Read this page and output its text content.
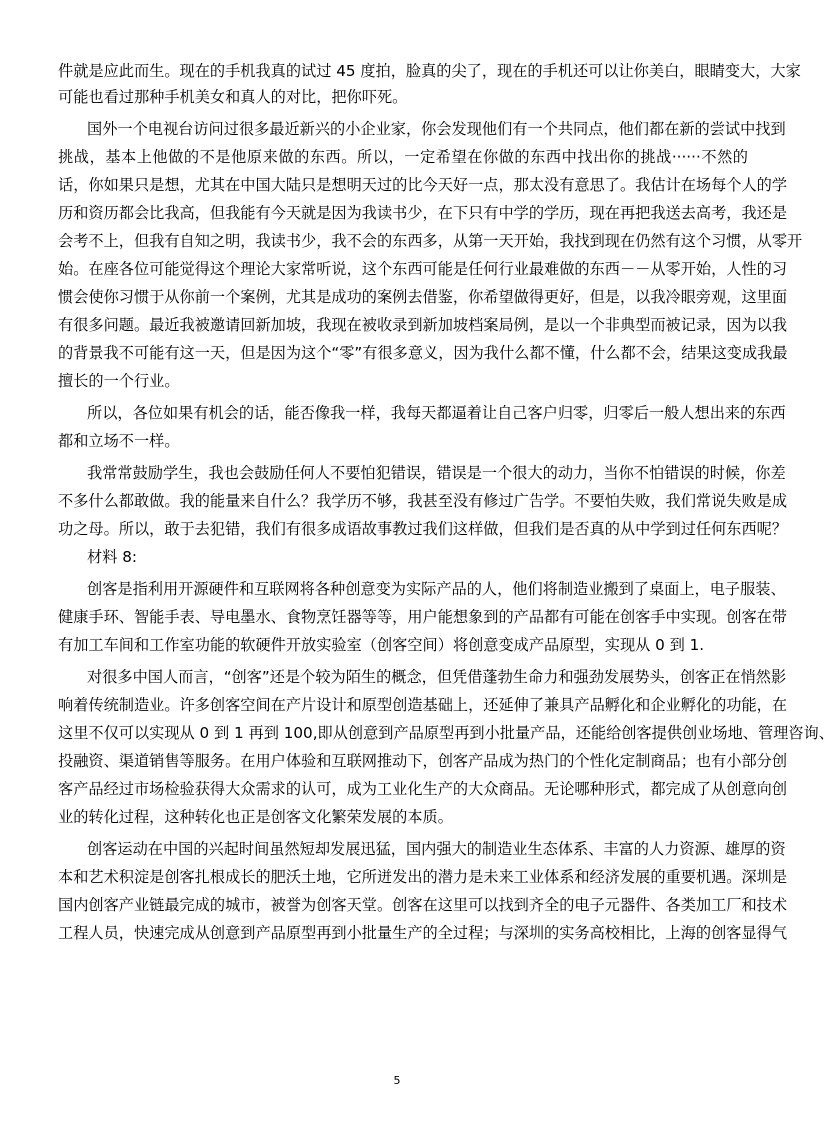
件就是应此而生。现在的手机我真的试过 45 度拍，脸真的尖了，现在的手机还可以让你美白，眼睛变大，大家
可能也看过那种手机美女和真人的对比，把你吓死。
国外一个电视台访问过很多最近新兴的小企业家，你会发现他们有一个共同点，他们都在新的尝试中找到
挑战，基本上他做的不是他原来做的东西。所以，一定希望在你做的东西中找出你的挑战······不然的
话，你如果只是想，尤其在中国大陆只是想明天过的比今天好一点，那太没有意思了。我估计在场每个人的学
历和资历都会比我高，但我能有今天就是因为我读书少，在下只有中学的学历，现在再把我送去高考，我还是
会考不上，但我有自知之明，我读书少，我不会的东西多，从第一天开始，我找到现在仍然有这个习惯，从零开
始。在座各位可能觉得这个理论大家常听说，这个东西可能是任何行业最难做的东西－－从零开始，人性的习
惯会使你习惯于从你前一个案例，尤其是成功的案例去借鉴，你希望做得更好，但是，以我冷眼旁观，这里面
有很多问题。最近我被邀请回新加坡，我现在被收录到新加坡档案局例，是以一个非典型而被记录，因为以我
的背景我不可能有这一天，但是因为这个“零”有很多意义，因为我什么都不懂，什么都不会，结果这变成我最
擅长的一个行业。
所以，各位如果有机会的话，能否像我一样，我每天都逼着让自己客户归零，归零后一般人想出来的东西
都和立场不一样。
我常常鼓励学生，我也会鼓励任何人不要怕犯错误，错误是一个很大的动力，当你不怕错误的时候，你差
不多什么都敢做。我的能量来自什么？我学历不够，我甚至没有修过广告学。不要怕失败，我们常说失败是成
功之母。所以，敢于去犯错，我们有很多成语故事教过我们这样做，但我们是否真的从中学到过任何东西呢？
材料 8:
创客是指利用开源硬件和互联网将各种创意变为实际产品的人，他们将制造业搬到了桌面上，电子服装、
健康手环、智能手表、导电墨水、食物烹饪器等等，用户能想象到的产品都有可能在创客手中实现。创客在带
有加工车间和工作室功能的软硬件开放实验室（创客空间）将创意变成产品原型，实现从 0 到 1.
对很多中国人而言，“创客”还是个较为陌生的概念，但凭借蓬勃生命力和强劲发展势头，创客正在悄然影
响着传统制造业。许多创客空间在产片设计和原型创造基础上，还延伸了兼具产品孵化和企业孵化的功能，在
这里不仅可以实现从 0 到 1 再到 100,即从创意到产品原型再到小批量产品，还能给创客提供创业场地、管理咨询、
投融资、渠道销售等服务。在用户体验和互联网推动下，创客产品成为热门的个性化定制商品；也有小部分创
客产品经过市场检验获得大众需求的认可，成为工业化生产的大众商品。无论哪种形式，都完成了从创意向创
业的转化过程，这种转化也正是创客文化繁荣发展的本质。
创客运动在中国的兴起时间虽然短却发展迅猛，国内强大的制造业生态体系、丰富的人力资源、雄厚的资
本和艺术积淀是创客扎根成长的肥沃土地，它所迸发出的潜力是未来工业体系和经济发展的重要机遇。深圳是
国内创客产业链最完成的城市，被誉为创客天堂。创客在这里可以找到齐全的电子元器件、各类加工厂和技术
工程人员，快速完成从创意到产品原型再到小批量生产的全过程；与深圳的实务高校相比，上海的创客显得气
5
